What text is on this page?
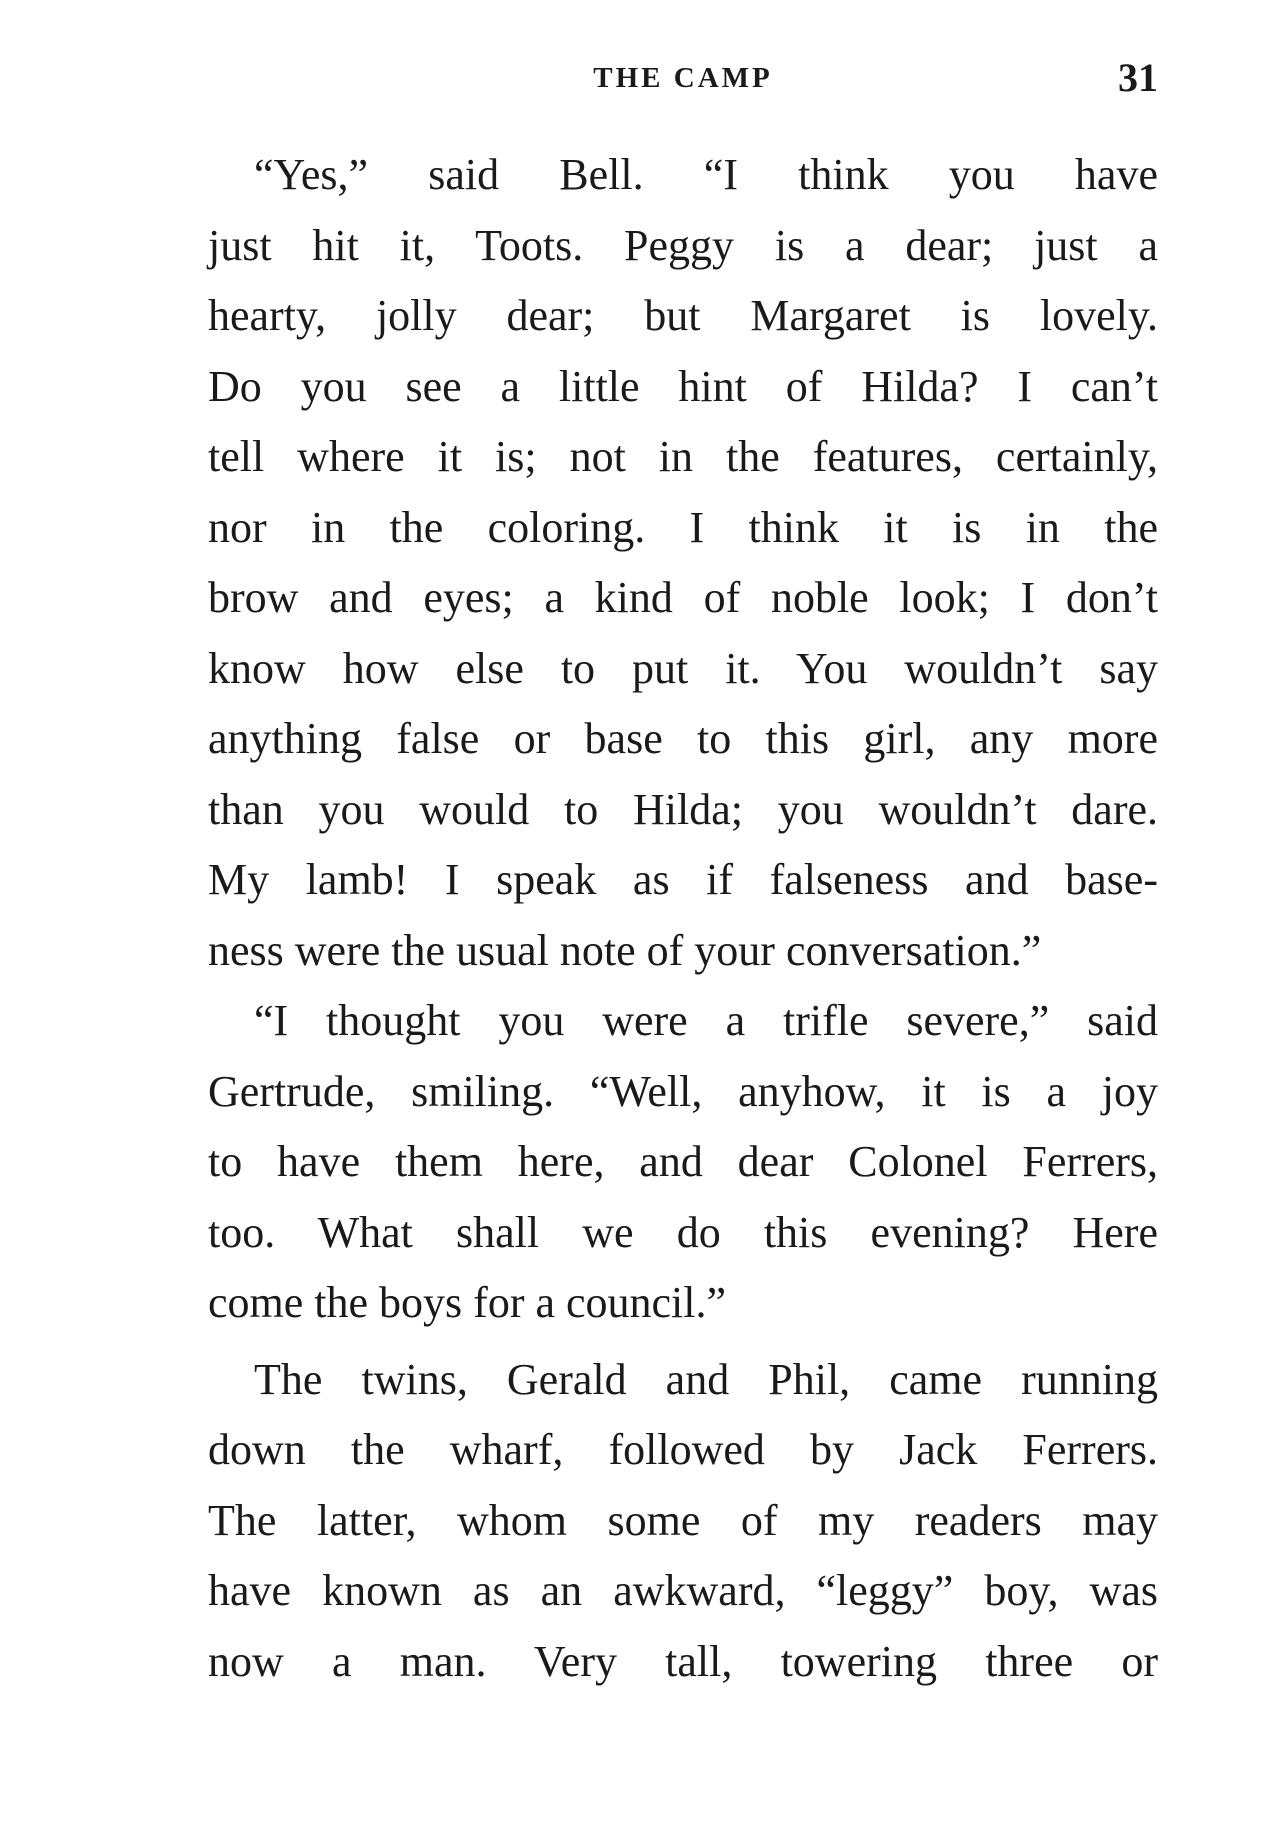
THE CAMP	31
“Yes,” said Bell. “I think you have
just hit it, Toots. Peggy is a dear; just a
hearty, jolly dear; but Margaret is lovely.
Do you see a little hint of Hilda? I can’t
tell where it is; not in the features, certainly,
nor in the coloring. I think it is in the
brow and eyes; a kind of noble look; I don’t
know how else to put it. You wouldn’t say
anything false or base to this girl, any more
than you would to Hilda; you wouldn’t dare.
My lamb! I speak as if falseness and base-
ness were the usual note of your conversation.”
“I thought you were a trifle severe,” said
Gertrude, smiling. “Well, anyhow, it is a joy
to have them here, and dear Colonel Ferrers,
too. What shall we do this evening? Here
come the boys for a council.”
The twins, Gerald and Phil, came running
down the wharf, followed by Jack Ferrers.
The latter, whom some of my readers may
have known as an awkward, “leggy” boy, was
now a man. Very tall, towering three or
